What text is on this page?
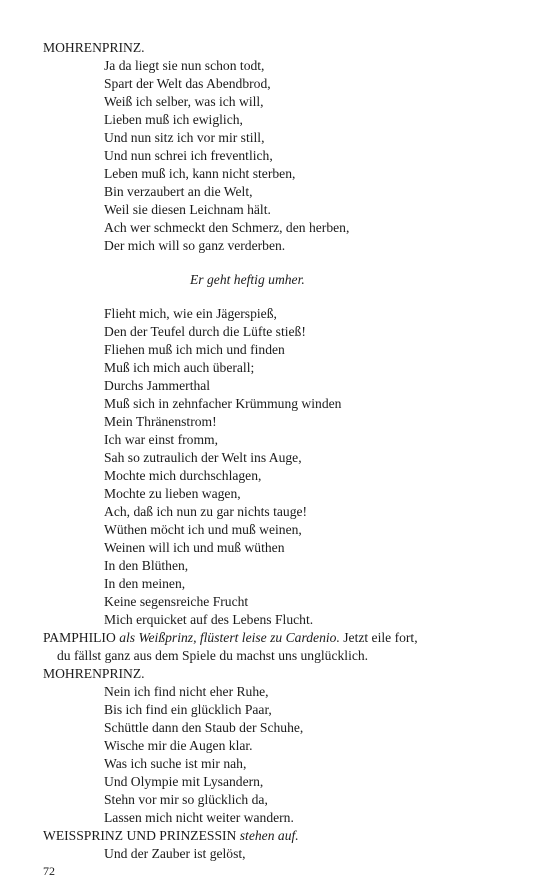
MOHRENPRINZ.
Ja da liegt sie nun schon todt,
Spart der Welt das Abendbrod,
Weiß ich selber, was ich will,
Lieben muß ich ewiglich,
Und nun sitz ich vor mir still,
Und nun schrei ich freventlich,
Leben muß ich, kann nicht sterben,
Bin verzaubert an die Welt,
Weil sie diesen Leichnam hält.
Ach wer schmeckt den Schmerz, den herben,
Der mich will so ganz verderben.
Er geht heftig umher.
Flieht mich, wie ein Jägerspieß,
Den der Teufel durch die Lüfte stieß!
Fliehen muß ich mich und finden
Muß ich mich auch überall;
Durchs Jammerthal
Muß sich in zehnfacher Krümmung winden
Mein Thränenstrom!
Ich war einst fromm,
Sah so zutraulich der Welt ins Auge,
Mochte mich durchschlagen,
Mochte zu lieben wagen,
Ach, daß ich nun zu gar nichts tauge!
Wüthen möcht ich und muß weinen,
Weinen will ich und muß wüthen
In den Blüthen,
In den meinen,
Keine segensreiche Frucht
Mich erquicket auf des Lebens Flucht.
PAMPHILIO als Weißprinz, flüstert leise zu Cardenio. Jetzt eile fort,
du fällst ganz aus dem Spiele du machst uns unglücklich.
MOHRENPRINZ.
Nein ich find nicht eher Ruhe,
Bis ich find ein glücklich Paar,
Schüttle dann den Staub der Schuhe,
Wische mir die Augen klar.
Was ich suche ist mir nah,
Und Olympie mit Lysandern,
Stehn vor mir so glücklich da,
Lassen mich nicht weiter wandern.
WEISSPRINZ UND PRINZESSIN stehen auf.
Und der Zauber ist gelöst,
72
